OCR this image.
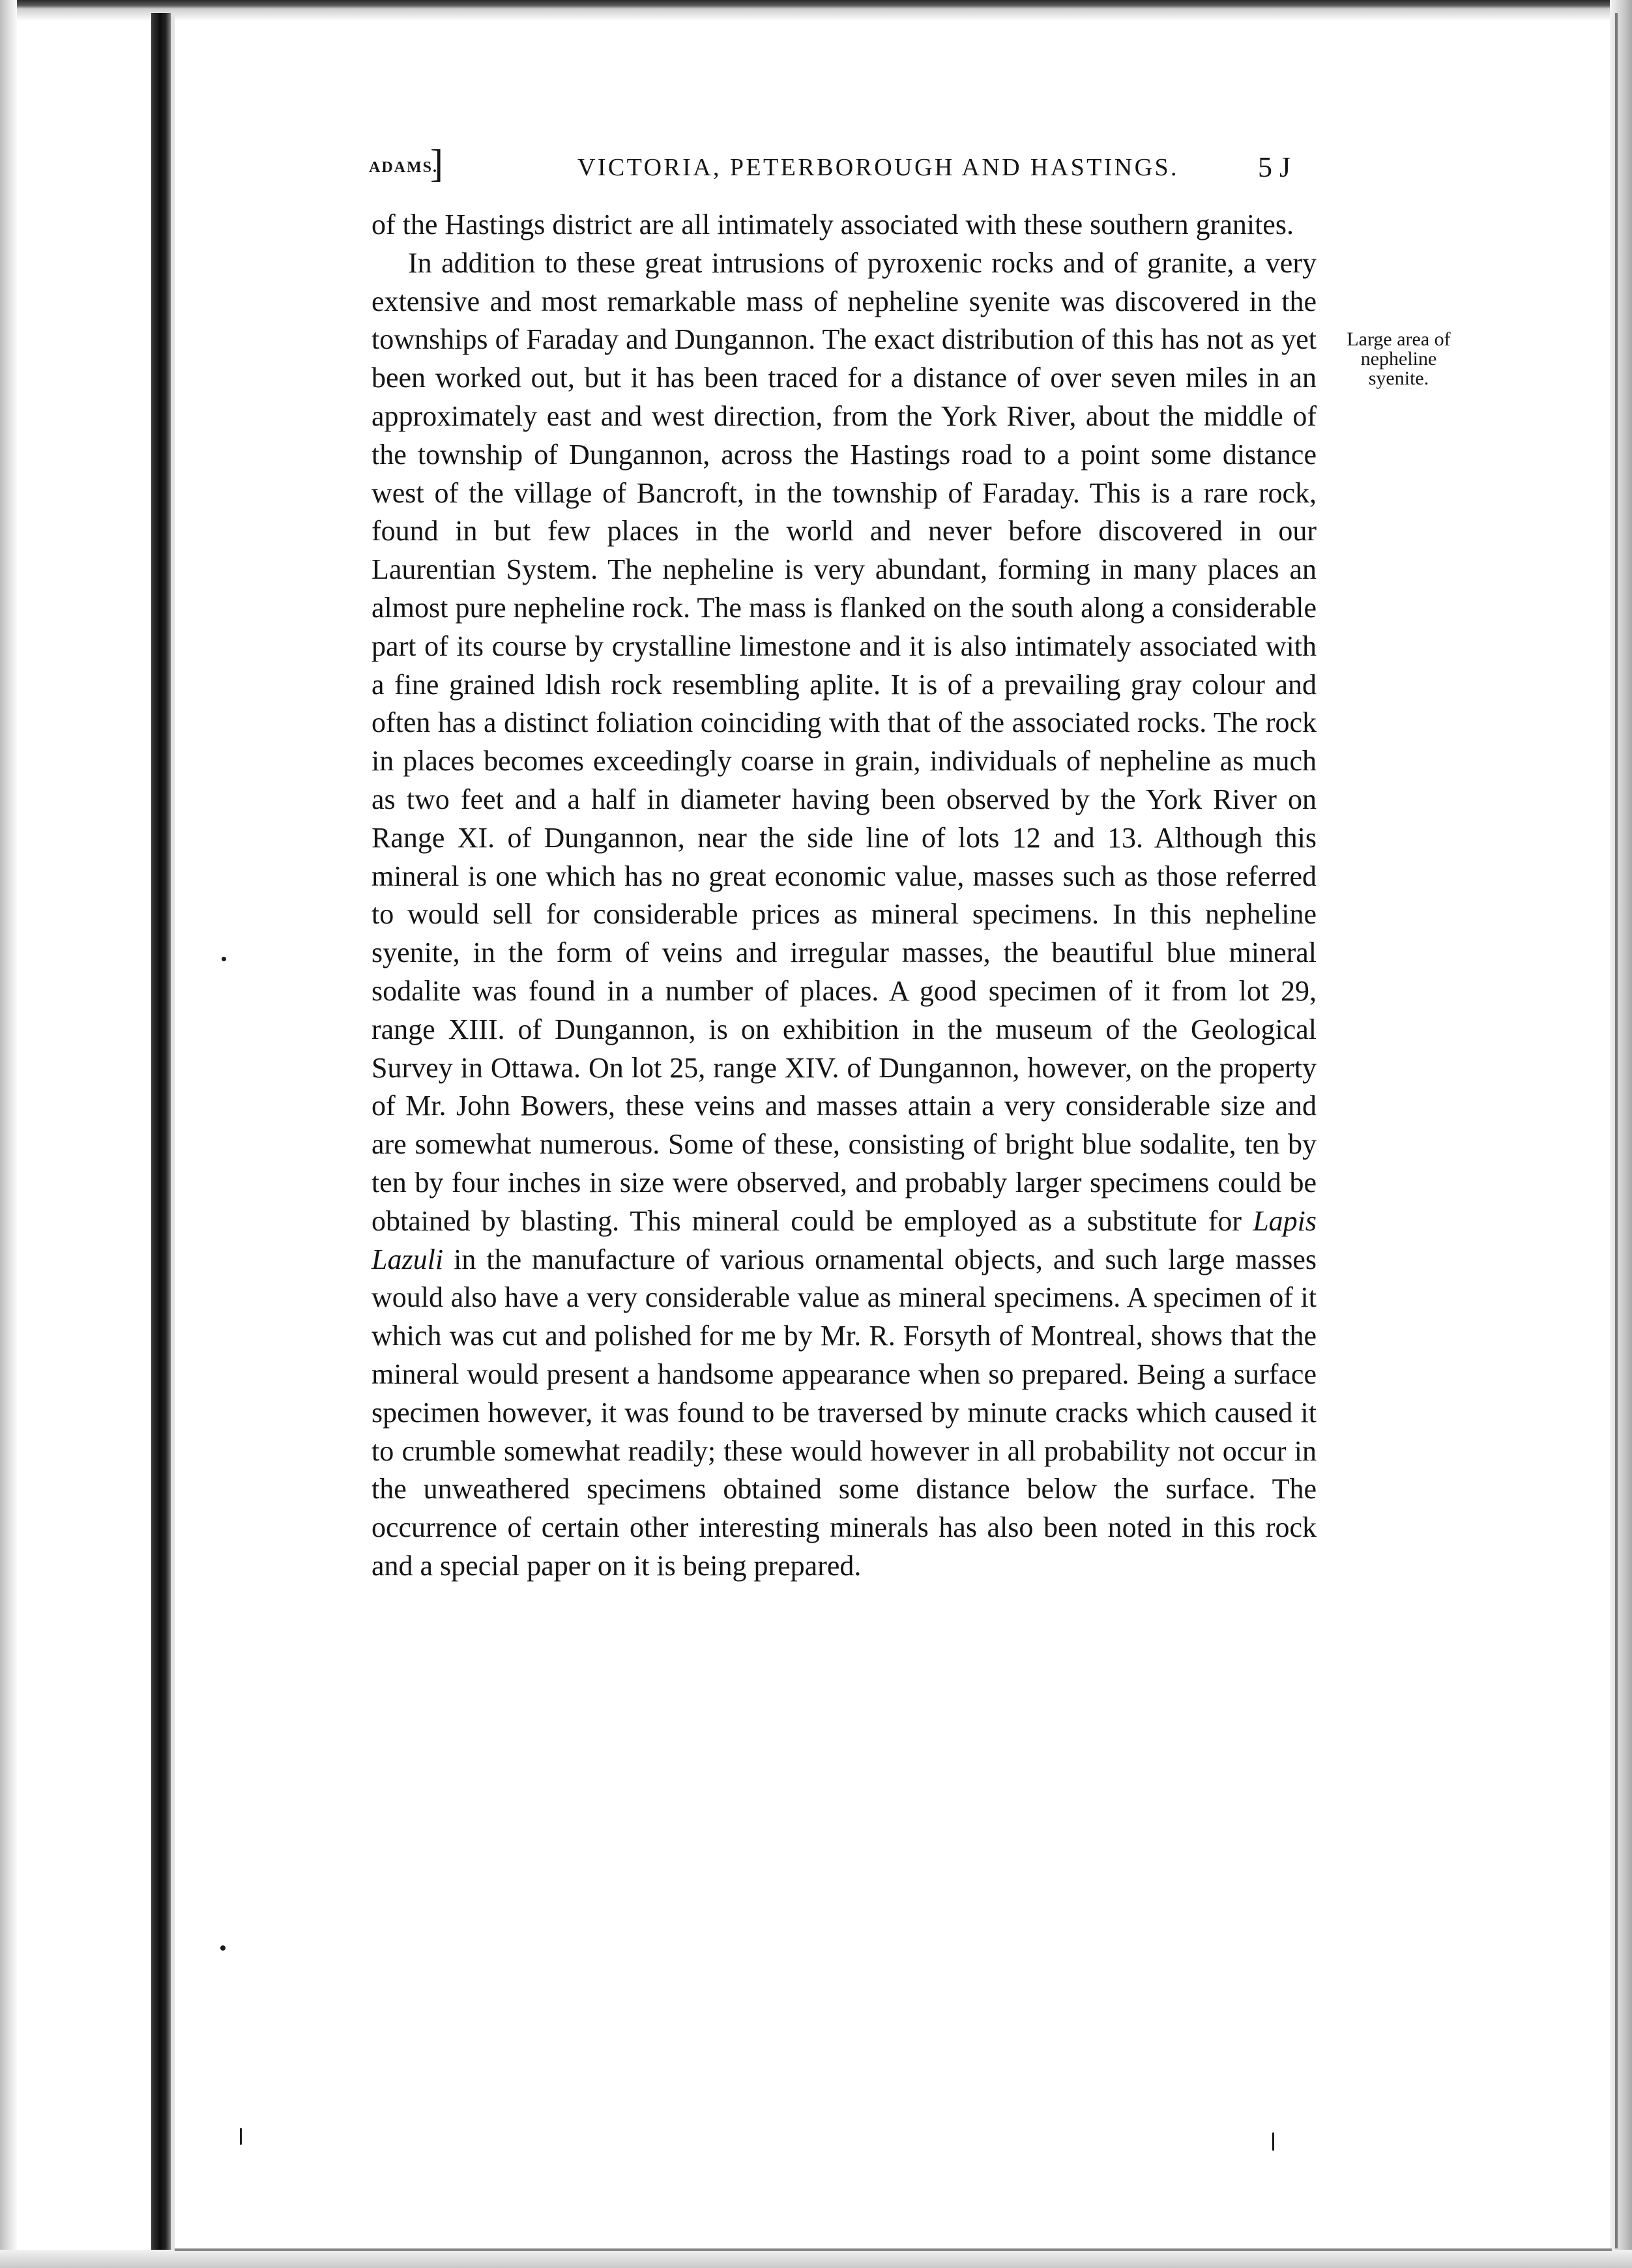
ADAMS.
]	VICTORIA, PETERBOROUGH AND HASTINGS.	5 J

of the Hastings district are all intimately associated with these southern granites.

In addition to these great intrusions of pyroxenic rocks and of granite, a very extensive and most remarkable mass of nepheline syenite was discovered in the townships of Faraday and Dungannon. The exact distribution of this has not as yet been worked out, but it has been traced for a distance of over seven miles in an approximately east and west direction, from the York River, about the middle of the township of Dungannon, across the Hastings road to a point some distance west of the village of Bancroft, in the township of Faraday. This is a rare rock, found in but few places in the world and never before discovered in our Laurentian System. The nepheline is very abundant, forming in many places an almost pure nepheline rock. The mass is flanked on the south along a considerable part of its course by crystalline limestone and it is also intimately associated with a fine grained ldish rock resembling aplite. It is of a prevailing gray colour and often has a distinct foliation coinciding with that of the associated rocks. The rock in places becomes exceedingly coarse in grain, individuals of nepheline as much as two feet and a half in diameter having been observed by the York River on Range XI. of Dungannon, near the side line of lots 12 and 13. Although this mineral is one which has no great economic value, masses such as those referred to would sell for considerable prices as mineral specimens. In this nepheline syenite, in the form of veins and irregular masses, the beautiful blue mineral sodalite was found in a number of places. A good specimen of it from lot 29, range XIII. of Dungannon, is on exhibition in the museum of the Geological Survey in Ottawa. On lot 25, range XIV. of Dungannon, however, on the property of Mr. John Bowers, these veins and masses attain a very considerable size and are somewhat numerous. Some of these, consisting of bright blue sodalite, ten by ten by four inches in size were observed, and probably larger specimens could be obtained by blasting. This mineral could be employed as a substitute for Lapis Lazuli in the manufacture of various ornamental objects, and such large masses would also have a very considerable value as mineral specimens. A specimen of it which was cut and polished for me by Mr. R. Forsyth of Montreal, shows that the mineral would present a handsome appearance when so prepared. Being a surface specimen however, it was found to be traversed by minute cracks which caused it to crumble somewhat readily; these would however in all probability not occur in the unweathered specimens obtained some distance below the surface. The occurrence of certain other interesting minerals has also been noted in this rock and a special paper on it is being prepared.

Large area of
nepheline
syenite.
